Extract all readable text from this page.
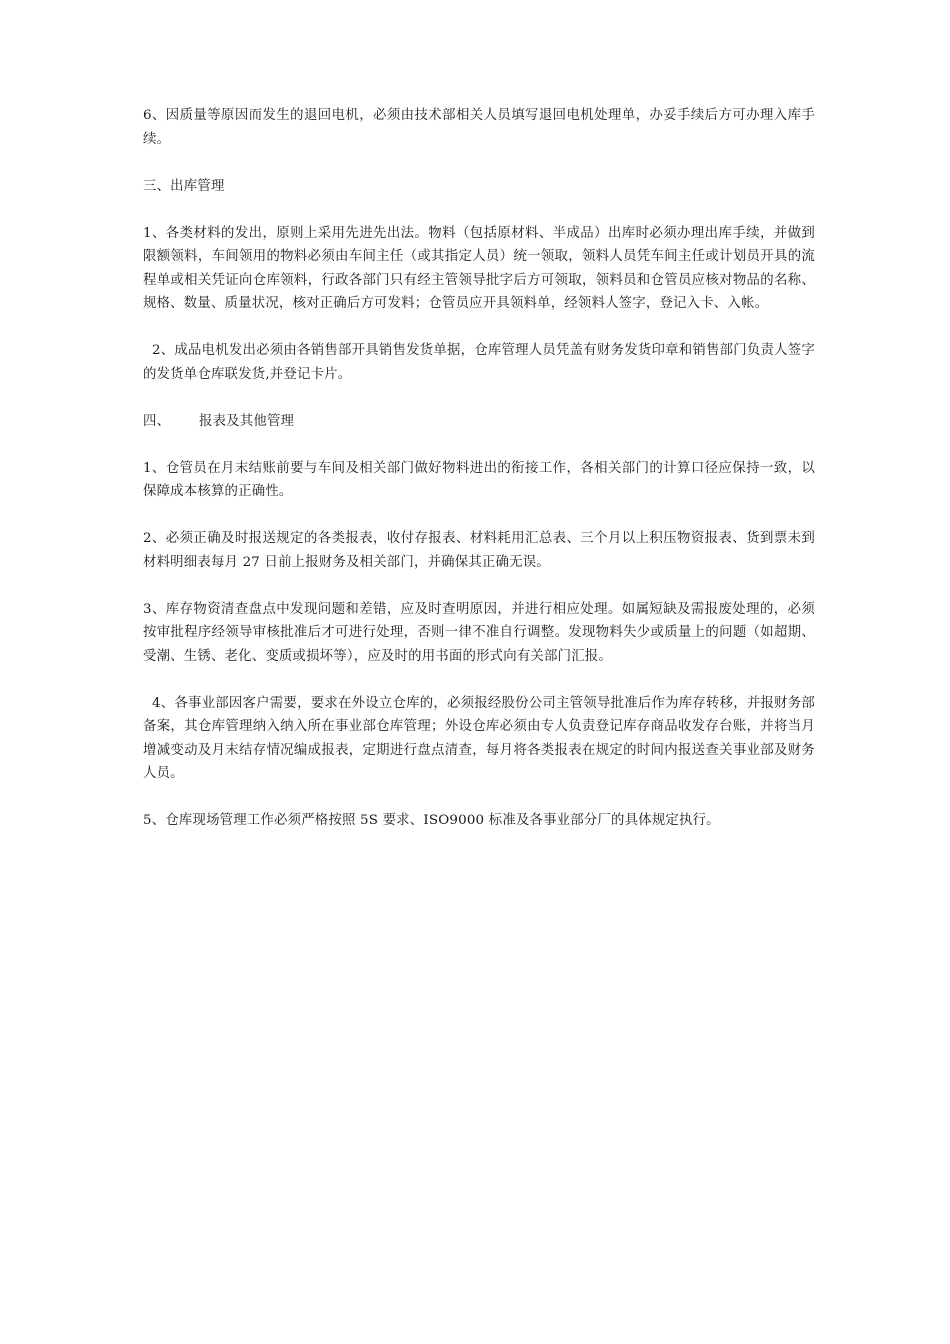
6、因质量等原因而发生的退回电机，必须由技术部相关人员填写退回电机处理单，办妥手续后方可办理入库手续。

三、出库管理

1、各类材料的发出，原则上采用先进先出法。物料（包括原材料、半成品）出库时必须办理出库手续，并做到限额领料，车间领用的物料必须由车间主任（或其指定人员）统一领取，领料人员凭车间主任或计划员开具的流程单或相关凭证向仓库领料，行政各部门只有经主管领导批字后方可领取，领料员和仓管员应核对物品的名称、规格、数量、质量状况，核对正确后方可发料；仓管员应开具领料单，经领料人签字，登记入卡、入帐。

2、成品电机发出必须由各销售部开具销售发货单据，仓库管理人员凭盖有财务发货印章和销售部门负责人签字的发货单仓库联发货,并登记卡片。

四、 报表及其他管理

1、仓管员在月末结账前要与车间及相关部门做好物料进出的衔接工作，各相关部门的计算口径应保持一致，以保障成本核算的正确性。

2、必须正确及时报送规定的各类报表，收付存报表、材料耗用汇总表、三个月以上积压物资报表、货到票未到材料明细表每月 27 日前上报财务及相关部门，并确保其正确无误。

3、库存物资清查盘点中发现问题和差错，应及时查明原因，并进行相应处理。如属短缺及需报废处理的，必须按审批程序经领导审核批准后才可进行处理，否则一律不准自行调整。发现物料失少或质量上的问题（如超期、受潮、生锈、老化、变质或损坏等），应及时的用书面的形式向有关部门汇报。

4、各事业部因客户需要，要求在外设立仓库的，必须报经股份公司主管领导批准后作为库存转移，并报财务部备案，其仓库管理纳入纳入所在事业部仓库管理；外设仓库必须由专人负责登记库存商品收发存台账，并将当月增减变动及月末结存情况编成报表，定期进行盘点清查，每月将各类报表在规定的时间内报送查关事业部及财务人员。

5、仓库现场管理工作必须严格按照 5S 要求、ISO9000 标准及各事业部分厂的具体规定执行。
